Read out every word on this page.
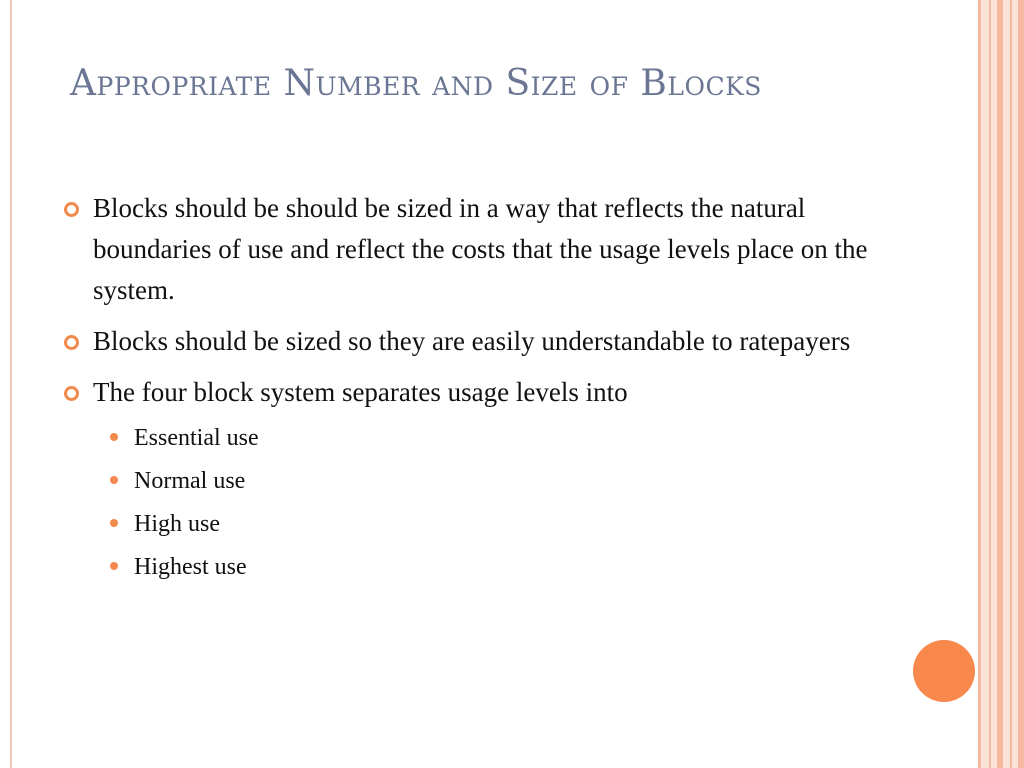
Appropriate Number and Size of Blocks
Blocks should be should be sized in a way that reflects the natural boundaries of use and reflect the costs that the usage levels place on the system.
Blocks should be sized so they are easily understandable to ratepayers
The four block system separates usage levels into
Essential use
Normal use
High use
Highest use
